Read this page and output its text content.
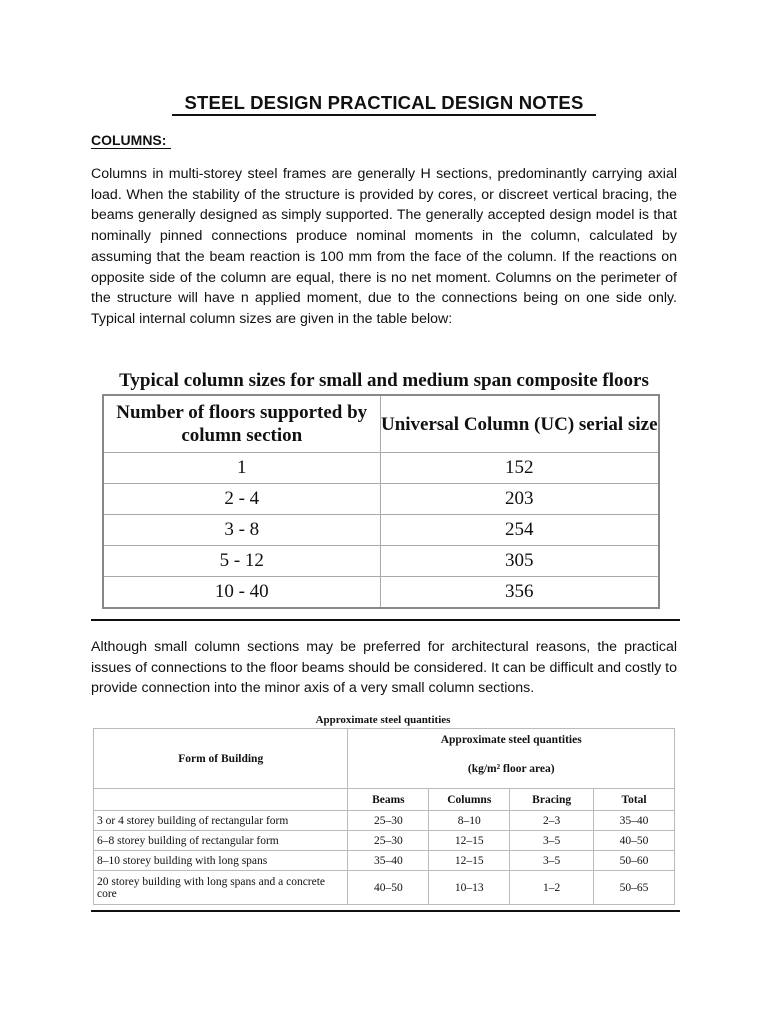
STEEL DESIGN PRACTICAL DESIGN NOTES
COLUMNS:

Columns in multi-storey steel frames are generally H sections, predominantly carrying axial load. When the stability of the structure is provided by cores, or discreet vertical bracing, the beams generally designed as simply supported. The generally accepted design model is that nominally pinned connections produce nominal moments in the column, calculated by assuming that the beam reaction is 100 mm from the face of the column. If the reactions on opposite side of the column are equal, there is no net moment. Columns on the perimeter of the structure will have n applied moment, due to the connections being on one side only. Typical internal column sizes are given in the table below:

Typical column sizes for small and medium span composite floors

Number of floors supported by column section	Universal Column (UC) serial size
1	152
2 - 4	203
3 - 8	254
5 - 12	305
10 - 40	356

Although small column sections may be preferred for architectural reasons, the practical issues of connections to the floor beams should be considered. It can be difficult and costly to provide connection into the minor axis of a very small column sections.

Approximate steel quantities

Form of Building	Approximate steel quantities			
	(kg/m² floor area)			
	Beams	Columns	Bracing	Total
3 or 4 storey building of rectangular form	25–30	8–10	2–3	35–40
6–8 storey building of rectangular form	25–30	12–15	3–5	40–50
8–10 storey building with long spans	35–40	12–15	3–5	50–60
20 storey building with long spans and a concrete core	40–50	10–13	1–2	50–65
